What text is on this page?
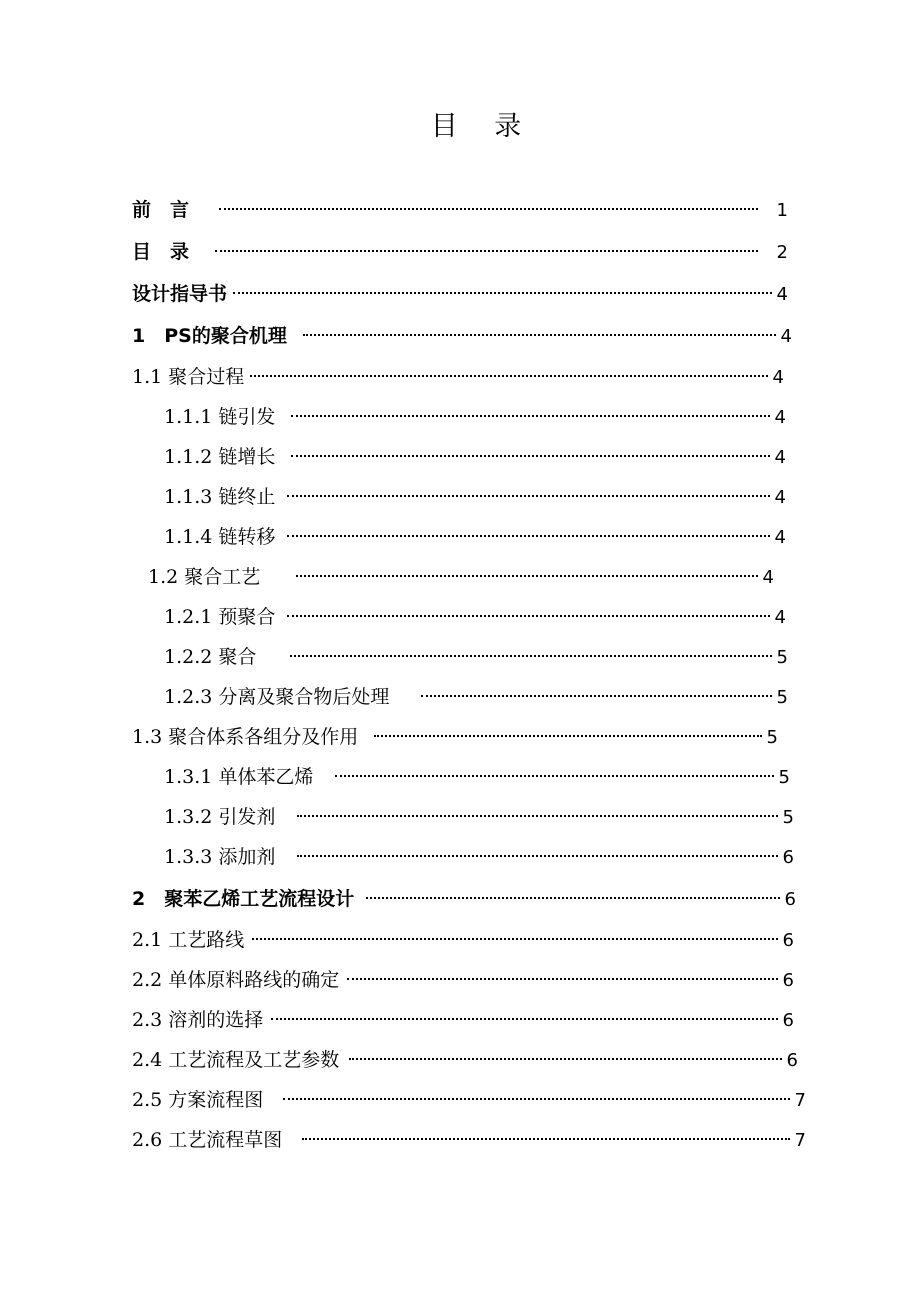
目 录
前　言	1
目　录	2
设计指导书	4
1　PS的聚合机理	4
1.1 聚合过程	4
1.1.1 链引发	4
1.1.2 链增长	4
1.1.3 链终止	4
1.1.4 链转移	4
1.2 聚合工艺	4
1.2.1 预聚合	4
1.2.2 聚合	5
1.2.3 分离及聚合物后处理	5
1.3 聚合体系各组分及作用	5
1.3.1 单体苯乙烯	5
1.3.2 引发剂	5
1.3.3 添加剂	6
2　聚苯乙烯工艺流程设计	6
2.1 工艺路线	6
2.2 单体原料路线的确定	6
2.3 溶剂的选择	6
2.4 工艺流程及工艺参数	6
2.5 方案流程图	7
2.6 工艺流程草图	7
